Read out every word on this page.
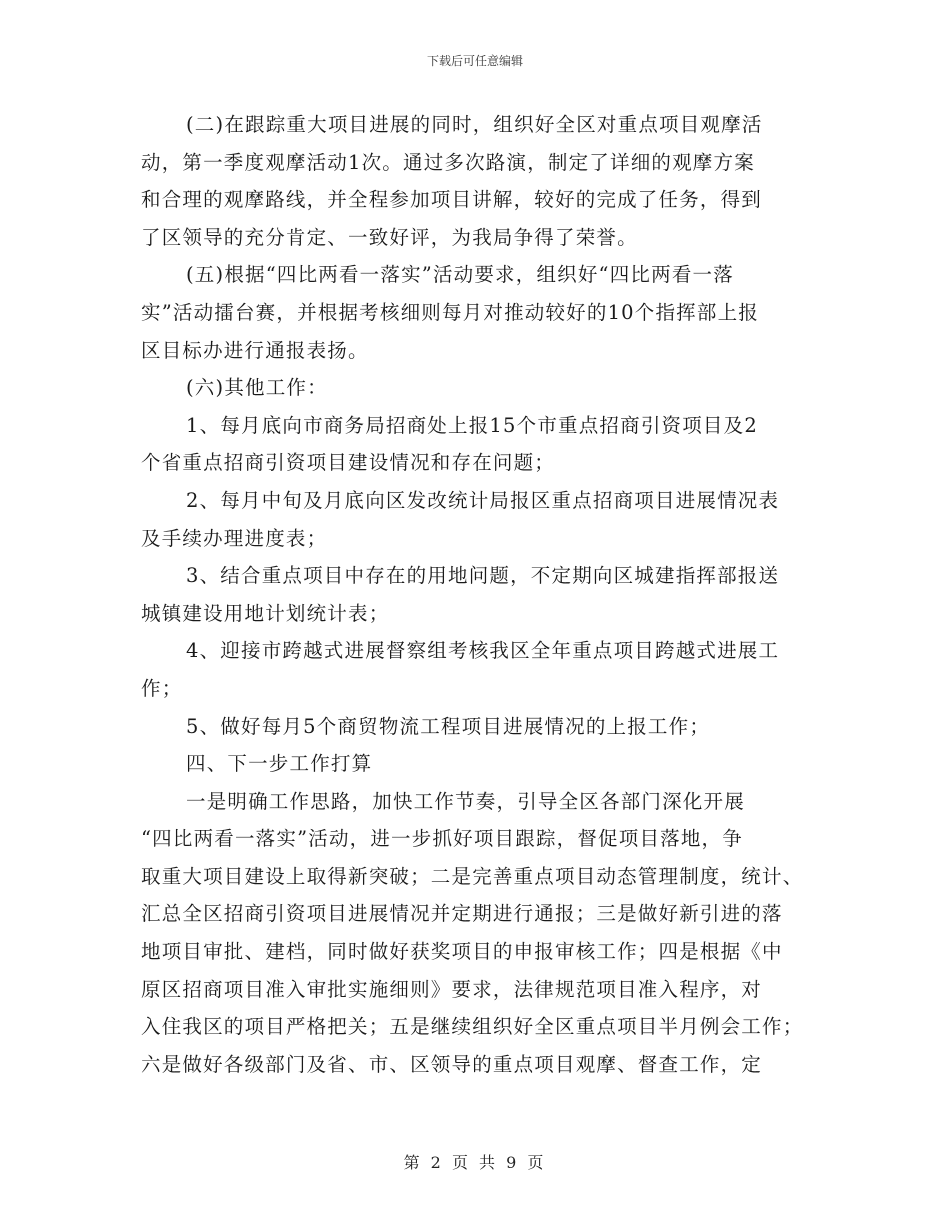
下载后可任意编辑
(二)在跟踪重大项目进展的同时，组织好全区对重点项目观摩活
动，第一季度观摩活动1次。通过多次路演，制定了详细的观摩方案
和合理的观摩路线，并全程参加项目讲解，较好的完成了任务，得到
了区领导的充分肯定、一致好评，为我局争得了荣誉。
(五)根据“四比两看一落实”活动要求，组织好“四比两看一落
实”活动擂台赛，并根据考核细则每月对推动较好的10个指挥部上报
区目标办进行通报表扬。
(六)其他工作：
1、每月底向市商务局招商处上报15个市重点招商引资项目及2
个省重点招商引资项目建设情况和存在问题；
2、每月中旬及月底向区发改统计局报区重点招商项目进展情况表
及手续办理进度表；
3、结合重点项目中存在的用地问题，不定期向区城建指挥部报送
城镇建设用地计划统计表；
4、迎接市跨越式进展督察组考核我区全年重点项目跨越式进展工
作；
5、做好每月5个商贸物流工程项目进展情况的上报工作；
四、下一步工作打算
一是明确工作思路，加快工作节奏，引导全区各部门深化开展
“四比两看一落实”活动，进一步抓好项目跟踪，督促项目落地，争
取重大项目建设上取得新突破；二是完善重点项目动态管理制度，统计、
汇总全区招商引资项目进展情况并定期进行通报；三是做好新引进的落
地项目审批、建档，同时做好获奖项目的申报审核工作；四是根据《中
原区招商项目准入审批实施细则》要求，法律规范项目准入程序，对
入住我区的项目严格把关；五是继续组织好全区重点项目半月例会工作；
六是做好各级部门及省、市、区领导的重点项目观摩、督查工作，定
第 2 页 共 9 页
